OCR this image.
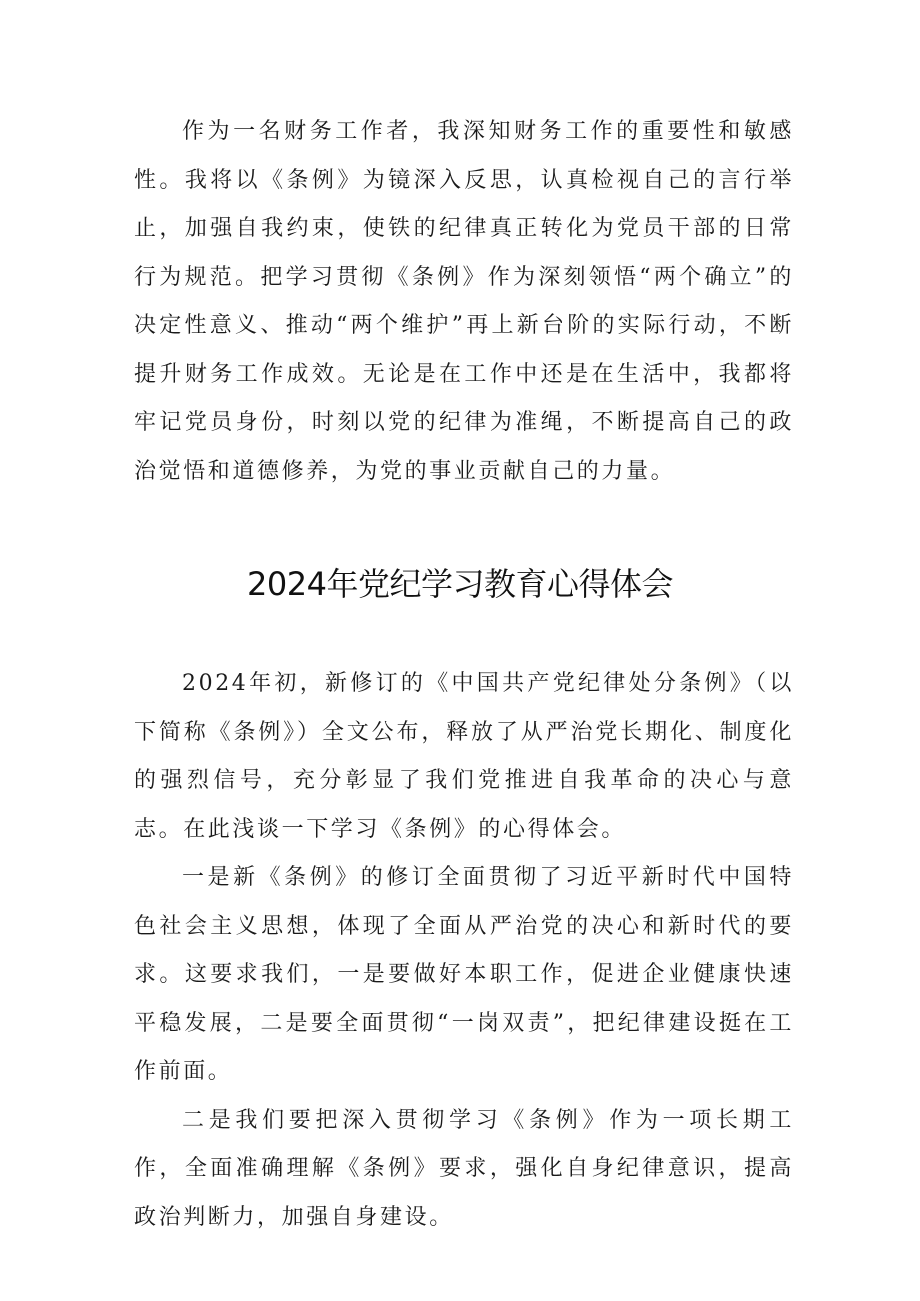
作为一名财务工作者，我深知财务工作的重要性和敏感性。我将以《条例》为镜深入反思，认真检视自己的言行举止，加强自我约束，使铁的纪律真正转化为党员干部的日常行为规范。把学习贯彻《条例》作为深刻领悟“两个确立”的决定性意义、推动“两个维护”再上新台阶的实际行动，不断提升财务工作成效。无论是在工作中还是在生活中，我都将牢记党员身份，时刻以党的纪律为准绳，不断提高自己的政治觉悟和道德修养，为党的事业贡献自己的力量。

2024年党纪学习教育心得体会

2024年初，新修订的《中国共产党纪律处分条例》（以下简称《条例》）全文公布，释放了从严治党长期化、制度化的强烈信号，充分彰显了我们党推进自我革命的决心与意志。在此浅谈一下学习《条例》的心得体会。

一是新《条例》的修订全面贯彻了习近平新时代中国特色社会主义思想，体现了全面从严治党的决心和新时代的要求。这要求我们，一是要做好本职工作，促进企业健康快速平稳发展，二是要全面贯彻“一岗双责”，把纪律建设挺在工作前面。

二是我们要把深入贯彻学习《条例》作为一项长期工作，全面准确理解《条例》要求，强化自身纪律意识，提高政治判断力，加强自身建设。
